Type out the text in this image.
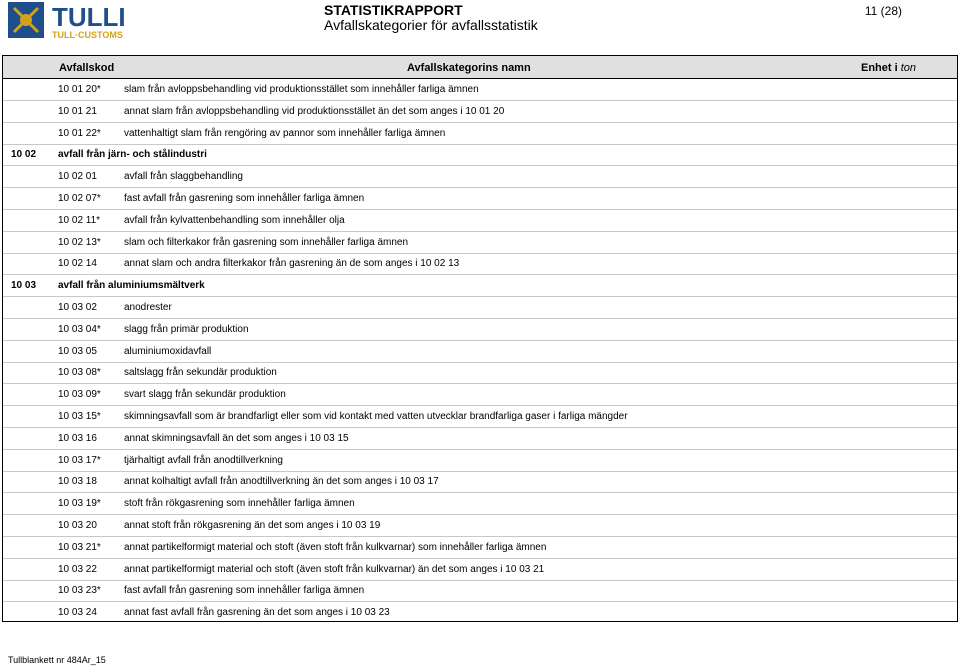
TULLI
TULL·CUSTOMS
STATISTIKRAPPORT
Avfallskategorier för avfallsstatistik
11 (28)
Avfallskod	Avfallskategorins namn	Enhet i ton
10 01 20* slam från avloppsbehandling vid produktionsstället som innehåller farliga ämnen
10 01 21	annat slam från avloppsbehandling vid produktionsstället än det som anges i 10 01 20
10 01 22* vattenhaltigt slam från rengöring av pannor som innehåller farliga ämnen
10 02 avfall från järn- och stålindustri
10 02 01	avfall från slaggbehandling
10 02 07* fast avfall från gasrening som innehåller farliga ämnen
10 02 11* avfall från kylvattenbehandling som innehåller olja
10 02 13* slam och filterkakor från gasrening som innehåller farliga ämnen
10 02 14	annat slam och andra filterkakor från gasrening än de som anges i 10 02 13
10 03 avfall från aluminiumsmältverk
10 03 02	anodrester
10 03 04* slagg från primär produktion
10 03 05	aluminiumoxidavfall
10 03 08* saltslagg från sekundär produktion
10 03 09* svart slagg från sekundär produktion
10 03 15* skimningsavfall som är brandfarligt eller som vid kontakt med vatten utvecklar brandfarliga gaser i farliga mängder
10 03 16	annat skimningsavfall än det som anges i 10 03 15
10 03 17* tjärhaltigt avfall från anodtillverkning
10 03 18	annat kolhaltigt avfall från anodtillverkning än det som anges i 10 03 17
10 03 19* stoft från rökgasrening som innehåller farliga ämnen
10 03 20	annat stoft från rökgasrening än det som anges i 10 03 19
10 03 21* annat partikelformigt material och stoft (även stoft från kulkvarnar) som innehåller farliga ämnen
10 03 22	annat partikelformigt material och stoft (även stoft från kulkvarnar) än det som anges i 10 03 21
10 03 23* fast avfall från gasrening som innehåller farliga ämnen
10 03 24	annat fast avfall från gasrening än det som anges i 10 03 23
Tullblankett nr 484Ar_15
